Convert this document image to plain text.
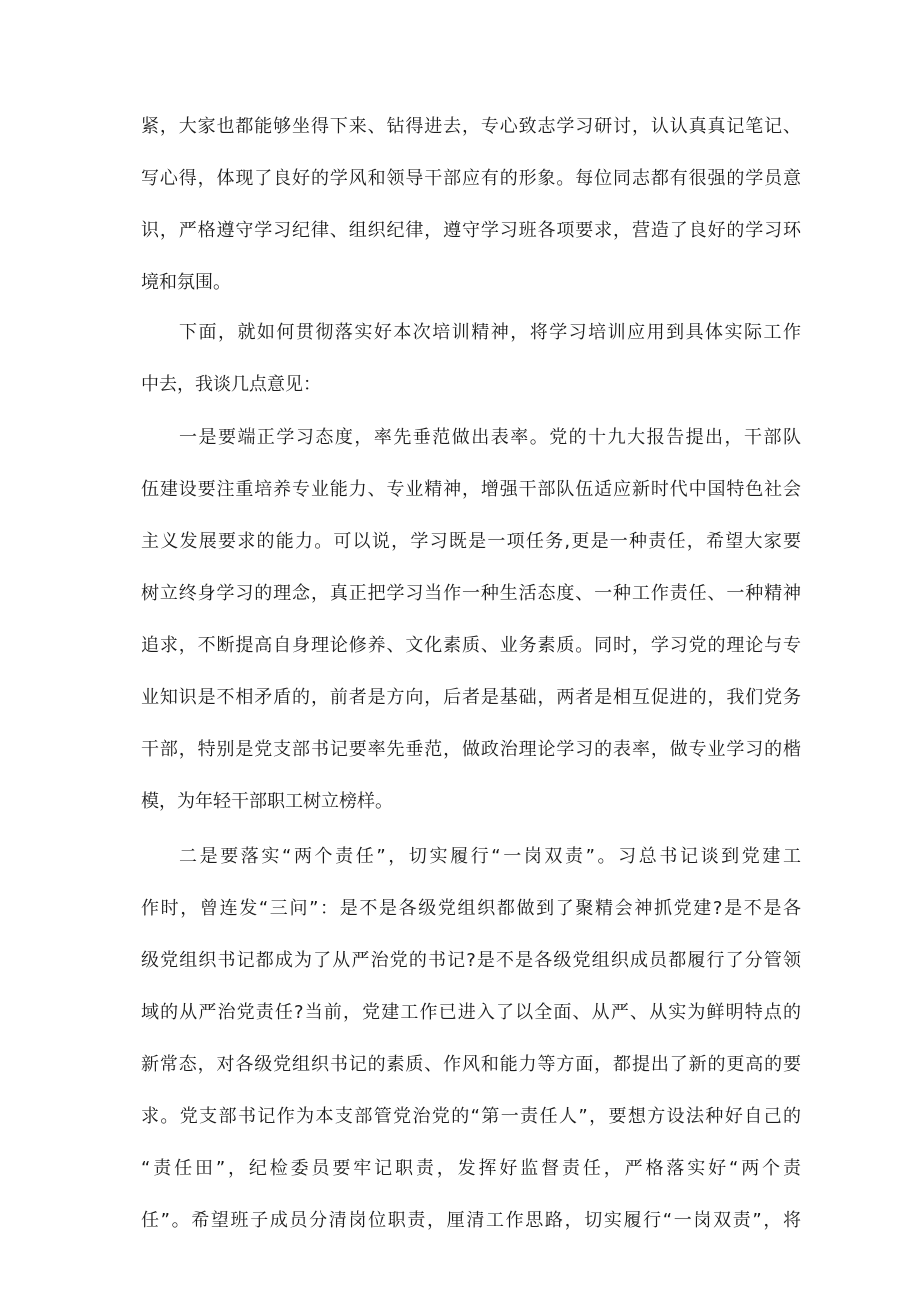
紧，大家也都能够坐得下来、钻得进去，专心致志学习研讨，认认真真记笔记、
写心得，体现了良好的学风和领导干部应有的形象。每位同志都有很强的学员意
识，严格遵守学习纪律、组织纪律，遵守学习班各项要求，营造了良好的学习环
境和氛围。
下面，就如何贯彻落实好本次培训精神，将学习培训应用到具体实际工作
中去，我谈几点意见：
一是要端正学习态度，率先垂范做出表率。党的十九大报告提出，干部队
伍建设要注重培养专业能力、专业精神，增强干部队伍适应新时代中国特色社会
主义发展要求的能力。可以说，学习既是一项任务,更是一种责任，希望大家要
树立终身学习的理念，真正把学习当作一种生活态度、一种工作责任、一种精神
追求，不断提高自身理论修养、文化素质、业务素质。同时，学习党的理论与专
业知识是不相矛盾的，前者是方向，后者是基础，两者是相互促进的，我们党务
干部，特别是党支部书记要率先垂范，做政治理论学习的表率，做专业学习的楷
模，为年轻干部职工树立榜样。
二是要落实“两个责任”，切实履行“一岗双责”。习总书记谈到党建工
作时，曾连发“三问”：是不是各级党组织都做到了聚精会神抓党建?是不是各
级党组织书记都成为了从严治党的书记?是不是各级党组织成员都履行了分管领
域的从严治党责任?当前，党建工作已进入了以全面、从严、从实为鲜明特点的
新常态，对各级党组织书记的素质、作风和能力等方面，都提出了新的更高的要
求。党支部书记作为本支部管党治党的“第一责任人”，要想方设法种好自己的
“责任田”，纪检委员要牢记职责，发挥好监督责任，严格落实好“两个责
任”。希望班子成员分清岗位职责，厘清工作思路，切实履行“一岗双责”，将
